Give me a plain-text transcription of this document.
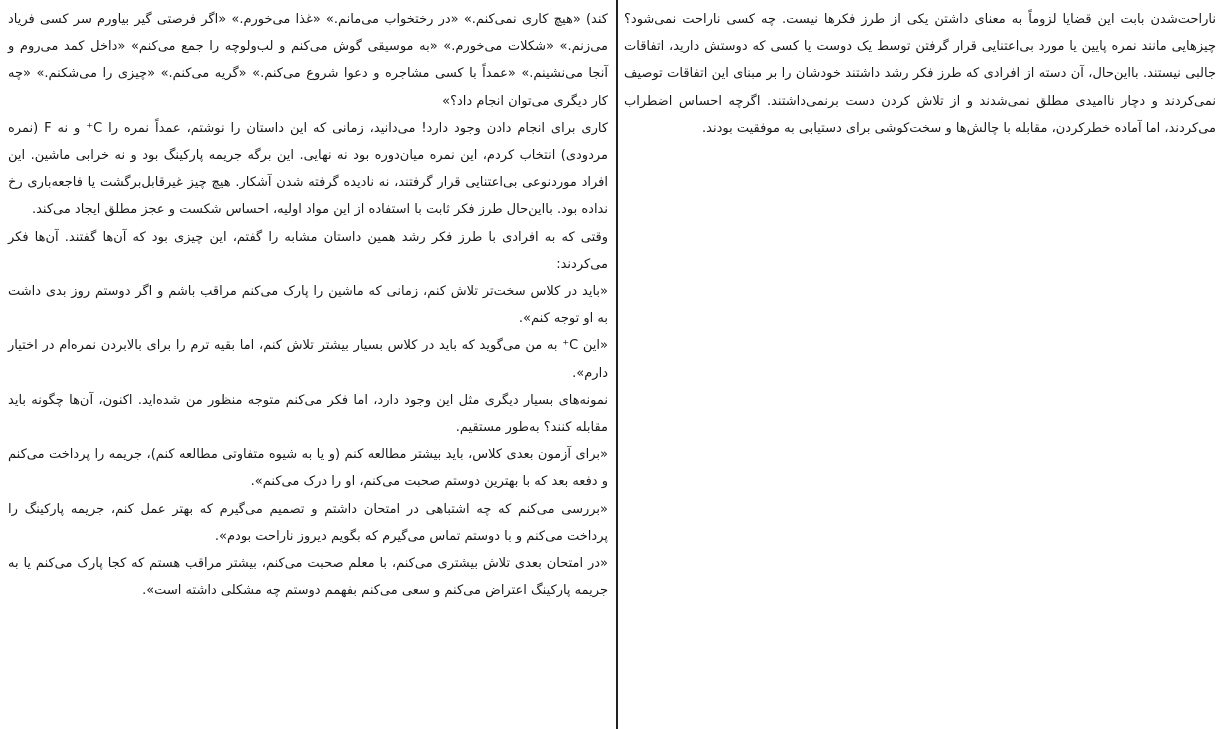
کند) «هیچ کاری نمی‌کنم.» «در رختخواب می‌مانم.» «غذا می‌خورم.» «اگر فرصتی گیر بیاورم سر کسی فریاد می‌زنم.» «شکلات می‌خورم.» «به موسیقی گوش می‌کنم و لب‌ولوچه را جمع می‌کنم» «داخل کمد می‌روم و آنجا می‌نشینم.» «عمداً با کسی مشاجره و دعوا شروع می‌کنم.» «گریه می‌کنم.» «چیزی را می‌شکنم.» «چه کار دیگری می‌توان انجام داد؟»

کاری برای انجام دادن وجود دارد! می‌دانید، زمانی که این داستان را نوشتم، عمداً نمره را C⁺ و نه F (نمره مردودی) انتخاب کردم، این نمره میان‌دوره بود نه نهایی. این برگه جریمه پارکینگ بود و نه خرابی ماشین. این افراد موردنوعی بی‌اعتنایی قرار گرفتند، نه نادیده گرفته شدن آشکار. هیچ چیز غیرقابل‌برگشت یا فاجعه‌باری رخ نداده بود. بااین‌حال طرز فکر ثابت با استفاده از این مواد اولیه، احساس شکست و عجز مطلق ایجاد می‌کند.

وقتی که به افرادی با طرز فکر رشد همین داستان مشابه را گفتم، این چیزی بود که آن‌ها گفتند. آن‌ها فکر می‌کردند:

«باید در کلاس سخت‌تر تلاش کنم، زمانی که ماشین را پارک می‌کنم مراقب باشم و اگر دوستم روز بدی داشت به او توجه کنم».

«این C⁺ به من می‌گوید که باید در کلاس بسیار بیشتر تلاش کنم، اما بقیه ترم را برای بالابردن نمره‌ام در اختیار دارم».

نمونه‌های بسیار دیگری مثل این وجود دارد، اما فکر می‌کنم متوجه منظور من شده‌اید. اکنون، آن‌ها چگونه باید مقابله کنند؟ به‌طور مستقیم.

«برای آزمون بعدی کلاس، باید بیشتر مطالعه کنم (و یا به شیوه متفاوتی مطالعه کنم)، جریمه را پرداخت می‌کنم و دفعه بعد که با بهترین دوستم صحبت می‌کنم، او را درک می‌کنم».

«بررسی می‌کنم که چه اشتباهی در امتحان داشتم و تصمیم می‌گیرم که بهتر عمل کنم، جریمه پارکینگ را پرداخت می‌کنم و با دوستم تماس می‌گیرم که بگویم دیروز ناراحت بودم».

«در امتحان بعدی تلاش بیشتری می‌کنم، با معلم صحبت می‌کنم، بیشتر مراقب هستم که کجا پارک می‌کنم یا به جریمه پارکینگ اعتراض می‌کنم و سعی می‌کنم بفهمم دوستم چه مشکلی داشته است».

ناراحت‌شدن بابت این قضایا لزوماً به معنای داشتن یکی از طرز فکرها نیست. چه کسی ناراحت نمی‌شود؟ چیزهایی مانند نمره پایین یا مورد بی‌اعتنایی قرار گرفتن توسط یک دوست یا کسی که دوستش دارید، اتفاقات جالبی نیستند. بااین‌حال، آن دسته از افرادی که طرز فکر رشد داشتند خودشان را بر مبنای این اتفاقات توصیف نمی‌کردند و دچار ناامیدی مطلق نمی‌شدند و از تلاش کردن دست برنمی‌داشتند. اگرچه احساس اضطراب می‌کردند، اما آماده خطرکردن، مقابله با چالش‌ها و سخت‌کوشی برای دستیابی به موفقیت بودند.
